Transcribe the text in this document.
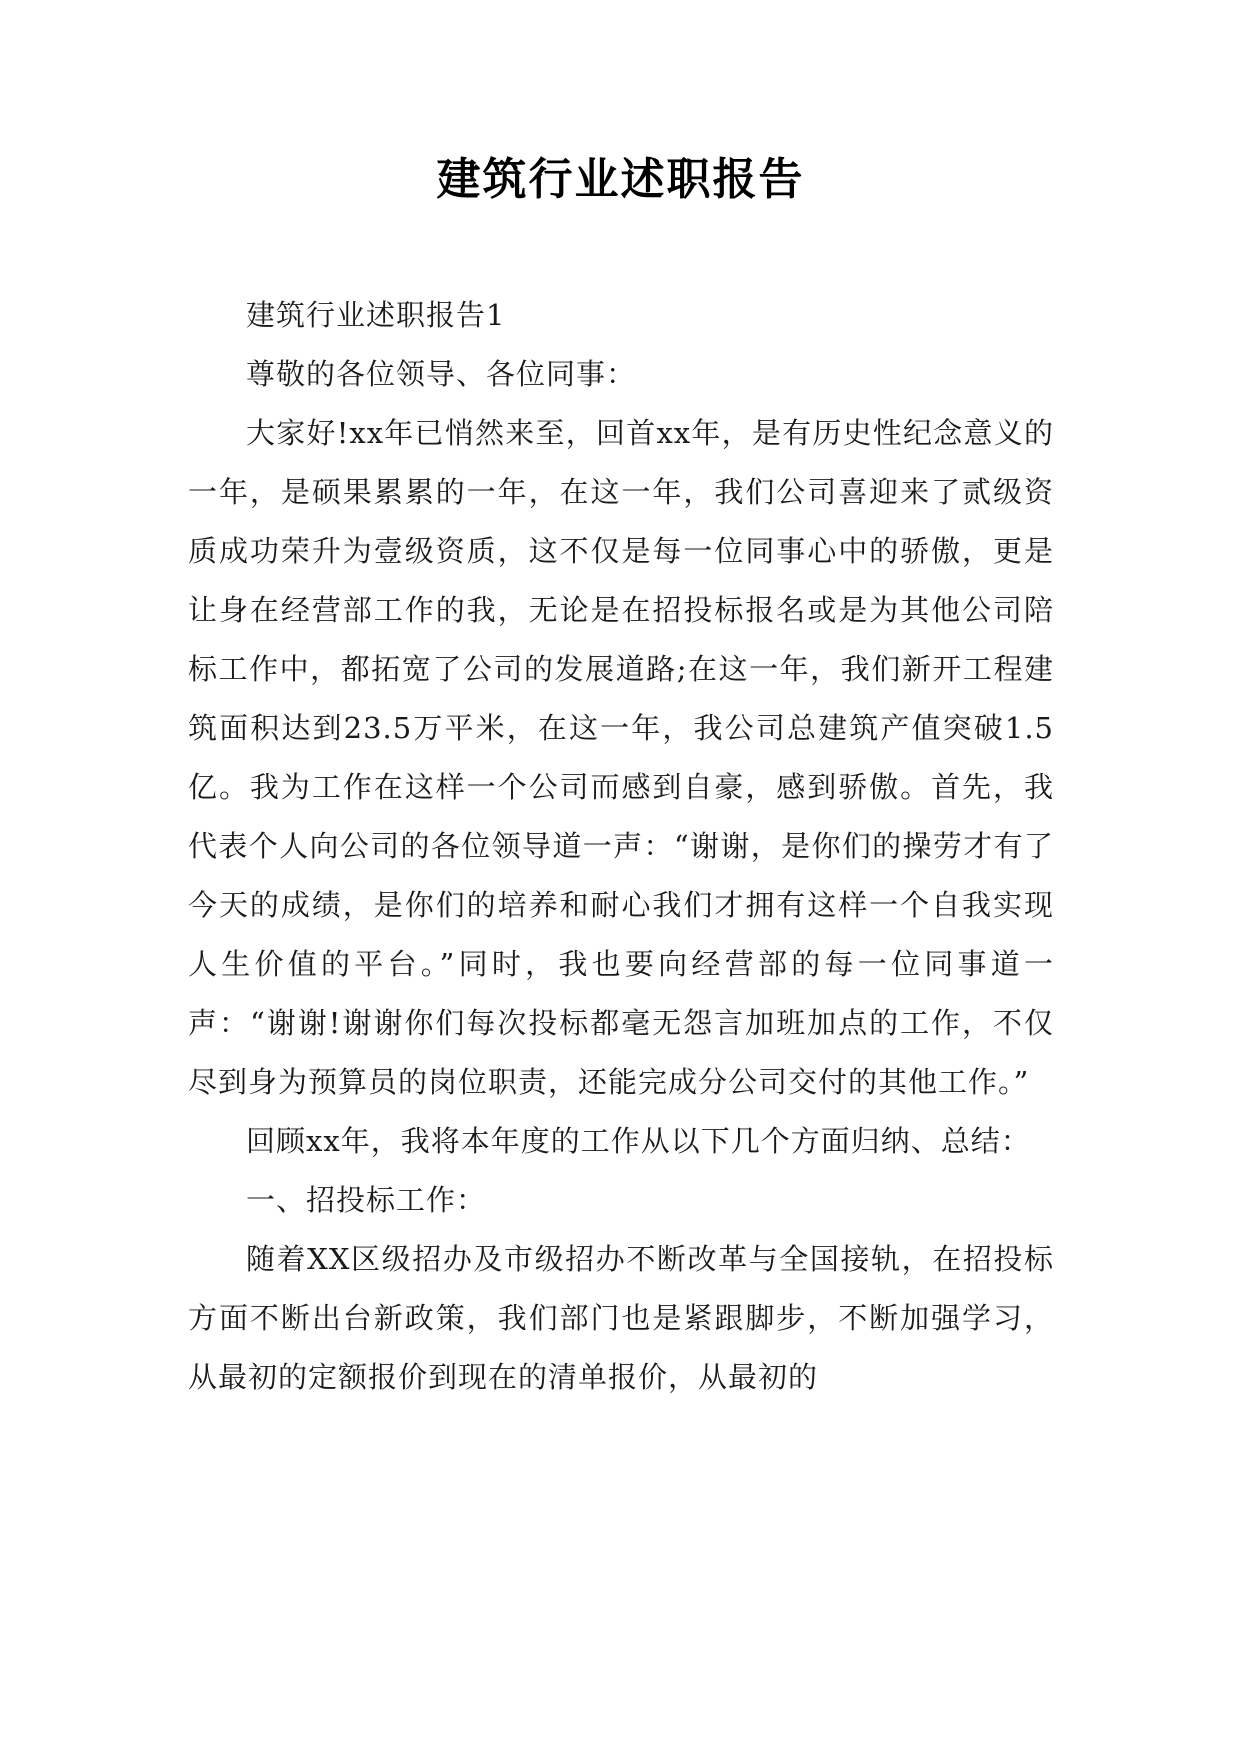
建筑行业述职报告

建筑行业述职报告1

尊敬的各位领导、各位同事：

大家好!xx年已悄然来至，回首xx年，是有历史性纪念意义的一年，是硕果累累的一年，在这一年，我们公司喜迎来了贰级资质成功荣升为壹级资质，这不仅是每一位同事心中的骄傲，更是让身在经营部工作的我，无论是在招投标报名或是为其他公司陪标工作中，都拓宽了公司的发展道路;在这一年，我们新开工程建筑面积达到23.5万平米，在这一年，我公司总建筑产值突破1.5亿。我为工作在这样一个公司而感到自豪，感到骄傲。首先，我代表个人向公司的各位领导道一声：“谢谢，是你们的操劳才有了今天的成绩，是你们的培养和耐心我们才拥有这样一个自我实现人生价值的平台。”同时，我也要向经营部的每一位同事道一声：“谢谢!谢谢你们每次投标都毫无怨言加班加点的工作，不仅尽到身为预算员的岗位职责，还能完成分公司交付的其他工作。”

回顾xx年，我将本年度的工作从以下几个方面归纳、总结：

一、招投标工作：

随着XX区级招办及市级招办不断改革与全国接轨，在招投标方面不断出台新政策，我们部门也是紧跟脚步，不断加强学习，从最初的定额报价到现在的清单报价，从最初的
